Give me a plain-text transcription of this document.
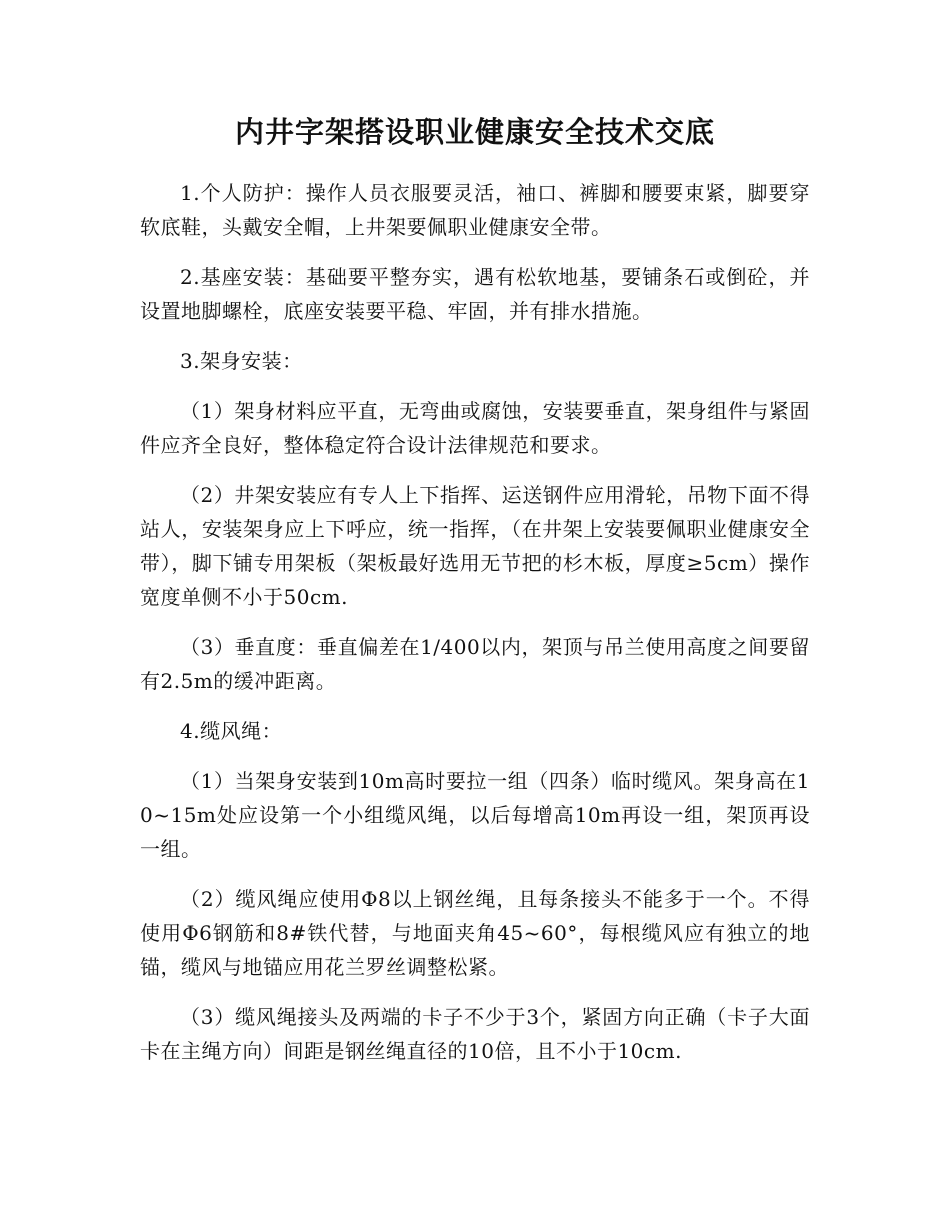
内井字架搭设职业健康安全技术交底

1.个人防护：操作人员衣服要灵活，袖口、裤脚和腰要束紧，脚要穿软底鞋，头戴安全帽，上井架要佩职业健康安全带。

2.基座安装：基础要平整夯实，遇有松软地基，要铺条石或倒砼，并设置地脚螺栓，底座安装要平稳、牢固，并有排水措施。

3.架身安装：

（1）架身材料应平直，无弯曲或腐蚀，安装要垂直，架身组件与紧固件应齐全良好，整体稳定符合设计法律规范和要求。

（2）井架安装应有专人上下指挥、运送钢件应用滑轮，吊物下面不得站人，安装架身应上下呼应，统一指挥，（在井架上安装要佩职业健康安全带），脚下铺专用架板（架板最好选用无节把的杉木板，厚度≥5cm）操作宽度单侧不小于50cm.

（3）垂直度：垂直偏差在1/400以内，架顶与吊兰使用高度之间要留有2.5m的缓冲距离。

4.缆风绳：

（1）当架身安装到10m高时要拉一组（四条）临时缆风。架身高在10~15m处应设第一个小组缆风绳，以后每增高10m再设一组，架顶再设一组。

（2）缆风绳应使用Φ8以上钢丝绳，且每条接头不能多于一个。不得使用Φ6钢筋和8#铁代替，与地面夹角45~60°，每根缆风应有独立的地锚，缆风与地锚应用花兰罗丝调整松紧。

（3）缆风绳接头及两端的卡子不少于3个，紧固方向正确（卡子大面卡在主绳方向）间距是钢丝绳直径的10倍，且不小于10cm.
